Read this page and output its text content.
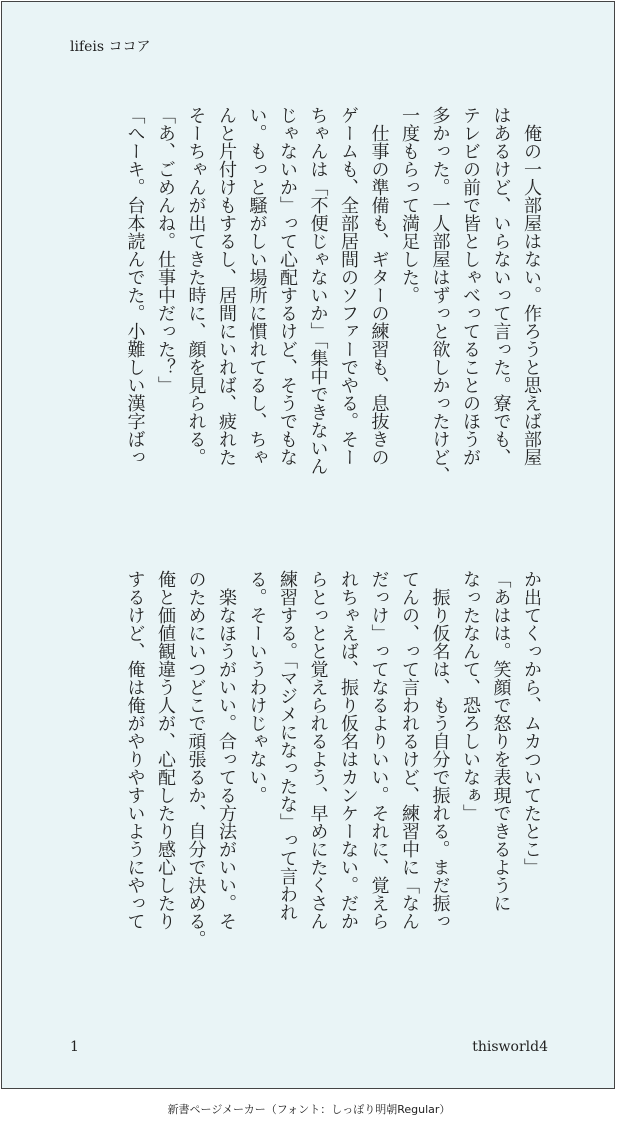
lifeis ココア
　俺の一人部屋はない。作ろうと思えば部屋
はあるけど、いらないって言った。寮でも、
テレビの前で皆としゃべってることのほうが
多かった。一人部屋はずっと欲しかったけど、
一度もらって満足した。
　仕事の準備も、ギターの練習も、息抜きの
ゲームも、全部居間のソファーでやる。そー
ちゃんは「不便じゃないか」「集中できないん
じゃないか」って心配するけど、そうでもな
い。もっと騒がしい場所に慣れてるし、ちゃ
んと片付けもするし、居間にいれば、疲れた
そーちゃんが出てきた時に、顔を見られる。
「あ、ごめんね。仕事中だった？」
「へーキ。台本読んでた。小難しい漢字ばっ
か出てくっから、ムカついてたとこ」
「あはは。笑顔で怒りを表現できるように
なったなんて、恐ろしいなぁ」
　振り仮名は、もう自分で振れる。まだ振っ
てんの、って言われるけど、練習中に「なん
だっけ」ってなるよりいい。それに、覚えら
れちゃえば、振り仮名はカンケーない。だか
らとっとと覚えられるよう、早めにたくさん
練習する。「マジメになったな」って言われ
る。そーいうわけじゃない。
　楽なほうがいい。合ってる方法がいい。そ
のためにいつどこで頑張るか、自分で決める。
俺と価値観違う人が、心配したり感心したり
するけど、俺は俺がやりやすいようにやって
1	thisworld4
新書ページメーカー（フォント：しっぽり明朝Regular）
